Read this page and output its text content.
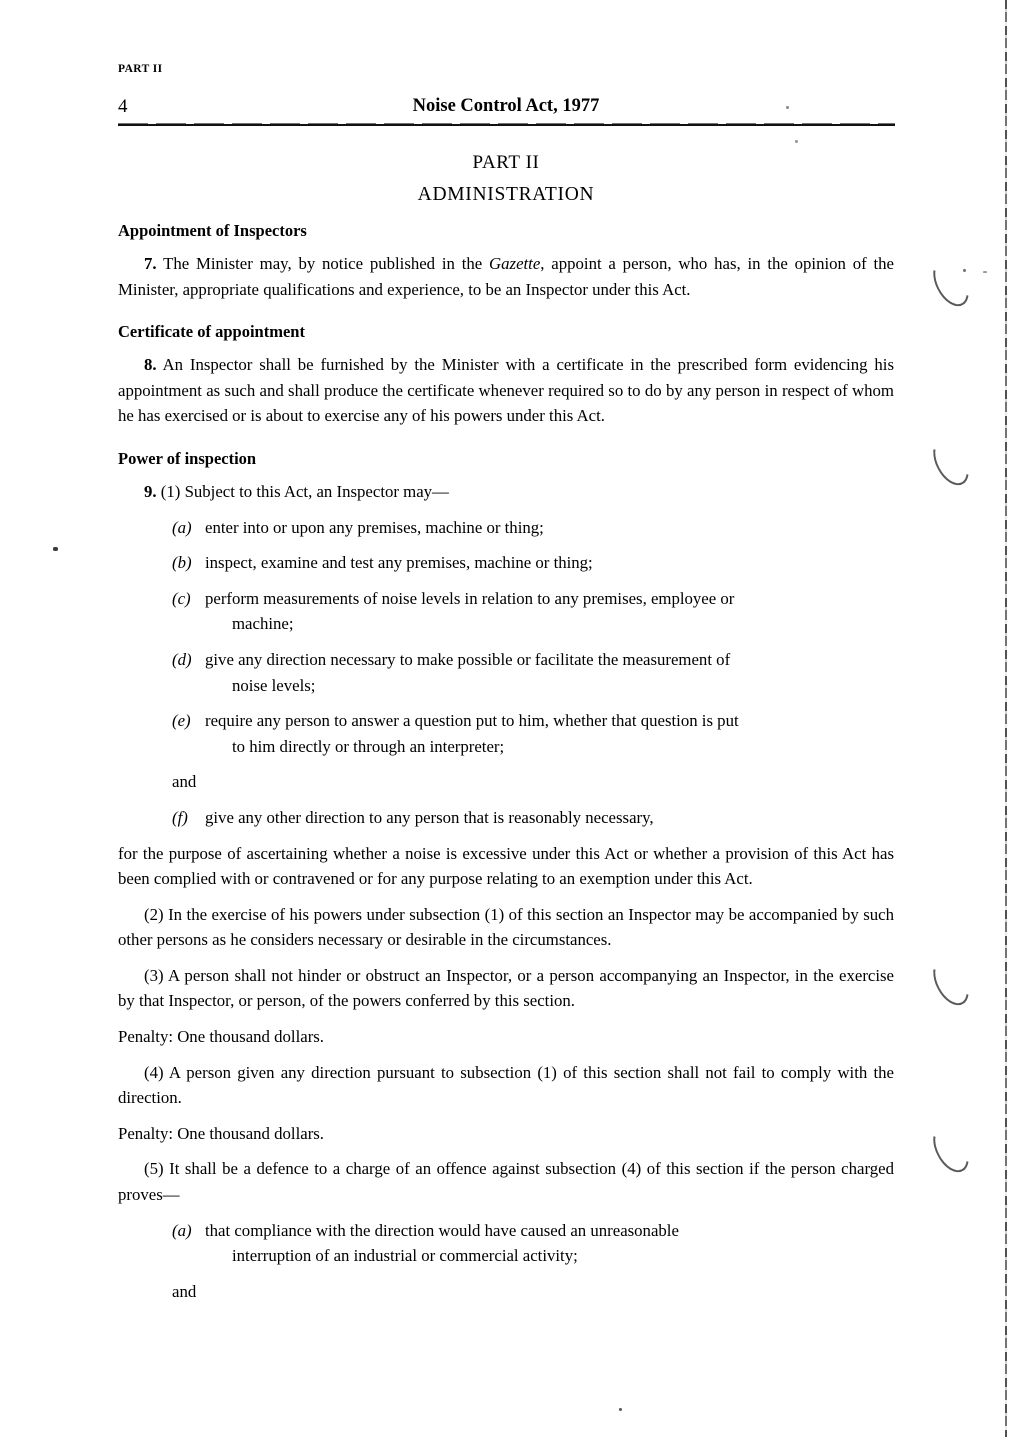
PART II
4	Noise Control Act, 1977
PART II
ADMINISTRATION
Appointment of Inspectors

7. The Minister may, by notice published in the Gazette, appoint a person, who has, in the opinion of the Minister, appropriate qualifications and experience, to be an Inspector under this Act.

Certificate of appointment

8. An Inspector shall be furnished by the Minister with a certificate in the prescribed form evidencing his appointment as such and shall produce the certificate whenever required so to do by any person in respect of whom he has exercised or is about to exercise any of his powers under this Act.

Power of inspection

9. (1) Subject to this Act, an Inspector may—

(a) enter into or upon any premises, machine or thing;
(b) inspect, examine and test any premises, machine or thing;
(c) perform measurements of noise levels in relation to any premises, employee or
machine;
(d) give any direction necessary to make possible or facilitate the measurement of
noise levels;
(e) require any person to answer a question put to him, whether that question is put
to him directly or through an interpreter;
and
(f) give any other direction to any person that is reasonably necessary,

for the purpose of ascertaining whether a noise is excessive under this Act or whether a provision of this Act has been complied with or contravened or for any purpose relating to an exemption under this Act.

(2) In the exercise of his powers under subsection (1) of this section an Inspector may be accompanied by such other persons as he considers necessary or desirable in the circumstances.

(3) A person shall not hinder or obstruct an Inspector, or a person accompanying an Inspector, in the exercise by that Inspector, or person, of the powers conferred by this section.

Penalty: One thousand dollars.

(4) A person given any direction pursuant to subsection (1) of this section shall not fail to comply with the direction.

Penalty: One thousand dollars.

(5) It shall be a defence to a charge of an offence against subsection (4) of this section if the person charged proves—

(a) that compliance with the direction would have caused an unreasonable
interruption of an industrial or commercial activity;
and
